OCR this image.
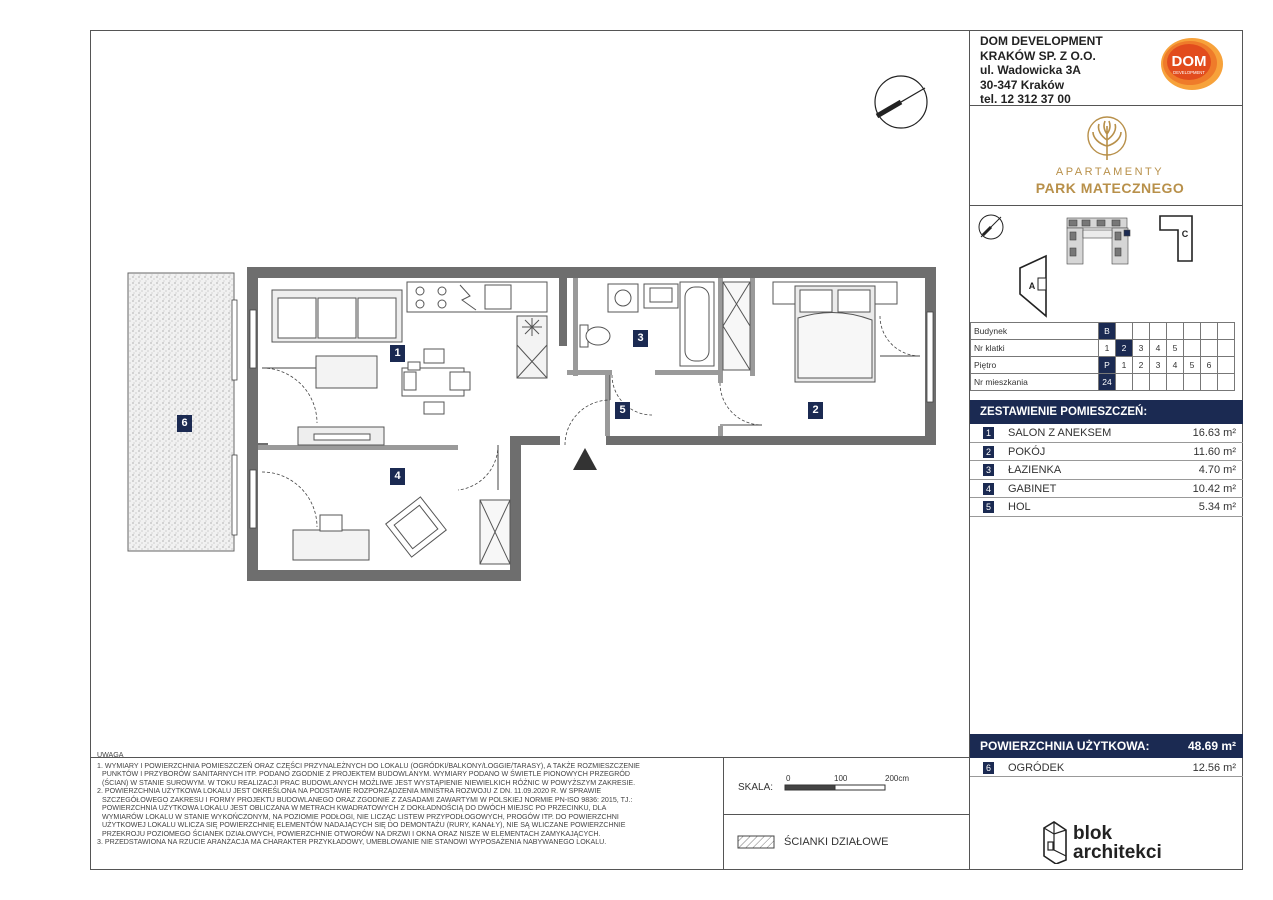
DOM DEVELOPMENT
KRAKÓW SP. Z O.O.
ul. Wadowicka 3A
30-347 Kraków
tel. 12 312 37 00
DOM
DEVELOPMENT
APARTAMENTY
PARK MATECZNEGO
C
A
Budynek	B							
Nr klatki	1	2	3	4	5			
Piętro	P	1	2	3	4	5	6	
Nr mieszkania	24							
ZESTAWIENIE POMIESZCZEŃ:
1 SALON Z ANEKSEM	16.63 m²
2 POKÓJ	11.60 m²
3 ŁAZIENKA	4.70 m²
4 GABINET	10.42 m²
5 HOL	5.34 m²
POWIERZCHNIA UŻYTKOWA:	48.69 m²
6 OGRÓDEK	12.56 m²
1
2
3
4
5
6
UWAGA
1. WYMIARY I POWIERZCHNIA POMIESZCZEŃ ORAZ CZĘŚCI PRZYNALEŻNYCH DO LOKALU (OGRÓDKI/BALKONY/LOGGIE/TARASY), A TAKŻE ROZMIESZCZENIE
PUNKTÓW I PRZYBORÓW SANITARNYCH ITP. PODANO ZGODNIE Z PROJEKTEM BUDOWLANYM. WYMIARY PODANO W ŚWIETLE PIONOWYCH PRZEGRÓD
(ŚCIAN) W STANIE SUROWYM. W TOKU REALIZACJI PRAC BUDOWLANYCH MOŻLIWE JEST WYSTĄPIENIE NIEWIELKICH RÓŻNIC W POWYŻSZYM ZAKRESIE.
2. POWIERZCHNIA UŻYTKOWA LOKALU JEST OKREŚLONA NA PODSTAWIE ROZPORZĄDZENIA MINISTRA ROZWOJU Z DN. 11.09.2020 R. W SPRAWIE
SZCZEGÓŁOWEGO ZAKRESU I FORMY PROJEKTU BUDOWLANEGO ORAZ ZGODNIE Z ZASADAMI ZAWARTYMI W POLSKIEJ NORMIE PN-ISO 9836: 2015, TJ.:
POWIERZCHNIA UŻYTKOWA LOKALU JEST OBLICZANA W METRACH KWADRATOWYCH Z DOKŁADNOŚCIĄ DO DWÓCH MIEJSC PO PRZECINKU, DLA
WYMIARÓW LOKALU W STANIE WYKOŃCZONYM, NA POZIOMIE PODŁOGI, NIE LICZĄC LISTEW PRZYPODŁOGOWYCH, PROGÓW ITP. DO POWIERZCHNI
UŻYTKOWEJ LOKALU WLICZA SIĘ POWIERZCHNIĘ ELEMENTÓW NADAJĄCYCH SIĘ DO DEMONTAŻU (RURY, KANAŁY), NIE SĄ WLICZANE POWIERZCHNIE
PRZEKROJU POZIOMEGO ŚCIANEK DZIAŁOWYCH, POWIERZCHNIE OTWORÓW NA DRZWI I OKNA ORAZ NISZE W ELEMENTACH ZAMYKAJĄCYCH.
3. PRZEDSTAWIONA NA RZUCIE ARANŻACJA MA CHARAKTER PRZYKŁADOWY, UMEBLOWANIE NIE STANOWI WYPOSAŻENIA NABYWANEGO LOKALU.
SKALA:
0	100	200cm
ŚCIANKI DZIAŁOWE	blok
architekci
